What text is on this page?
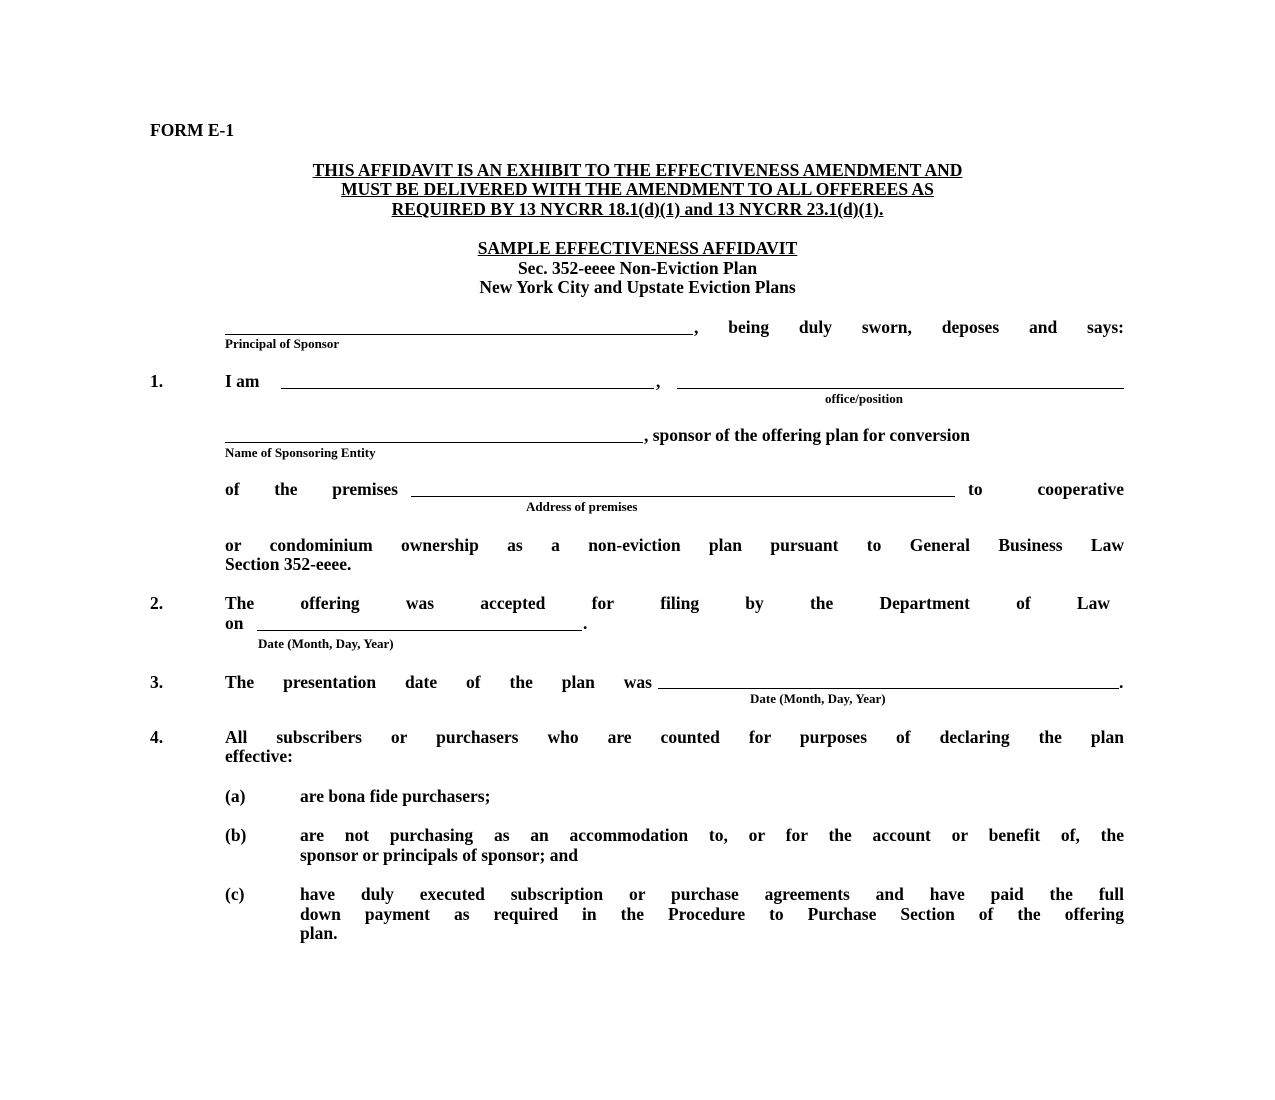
FORM E-1
THIS AFFIDAVIT IS AN EXHIBIT TO THE EFFECTIVENESS AMENDMENT AND
MUST BE DELIVERED WITH THE AMENDMENT TO ALL OFFEREES AS
REQUIRED BY 13 NYCRR 18.1(d)(1) and 13 NYCRR 23.1(d)(1).
SAMPLE EFFECTIVENESS AFFIDAVIT
Sec. 352-eeee Non-Eviction Plan
New York City and Upstate Eviction Plans
, being duly sworn, deposes and says:
Principal of Sponsor
1.	I am	,
office/position
, sponsor of the offering plan for conversion
Name of Sponsoring Entity
of the premises	to	cooperative
Address of premises
or condominium ownership as a non-eviction plan pursuant to General Business Law
Section 352-eeee.
2.	The	offering	was	accepted	for	filing	by	the	Department	of	Law
on	.
Date (Month, Day, Year)
3.	The presentation date of the plan was	.
Date (Month, Day, Year)
4.	All subscribers or purchasers who are counted for purposes of declaring the plan
effective:
(a)	are bona fide purchasers;
(b)	are not purchasing as an accommodation to, or for the account or benefit of, the
sponsor or principals of sponsor; and
(c)	have duly executed subscription or purchase agreements and have paid the full
down payment as required in the Procedure to Purchase Section of the offering
plan.
